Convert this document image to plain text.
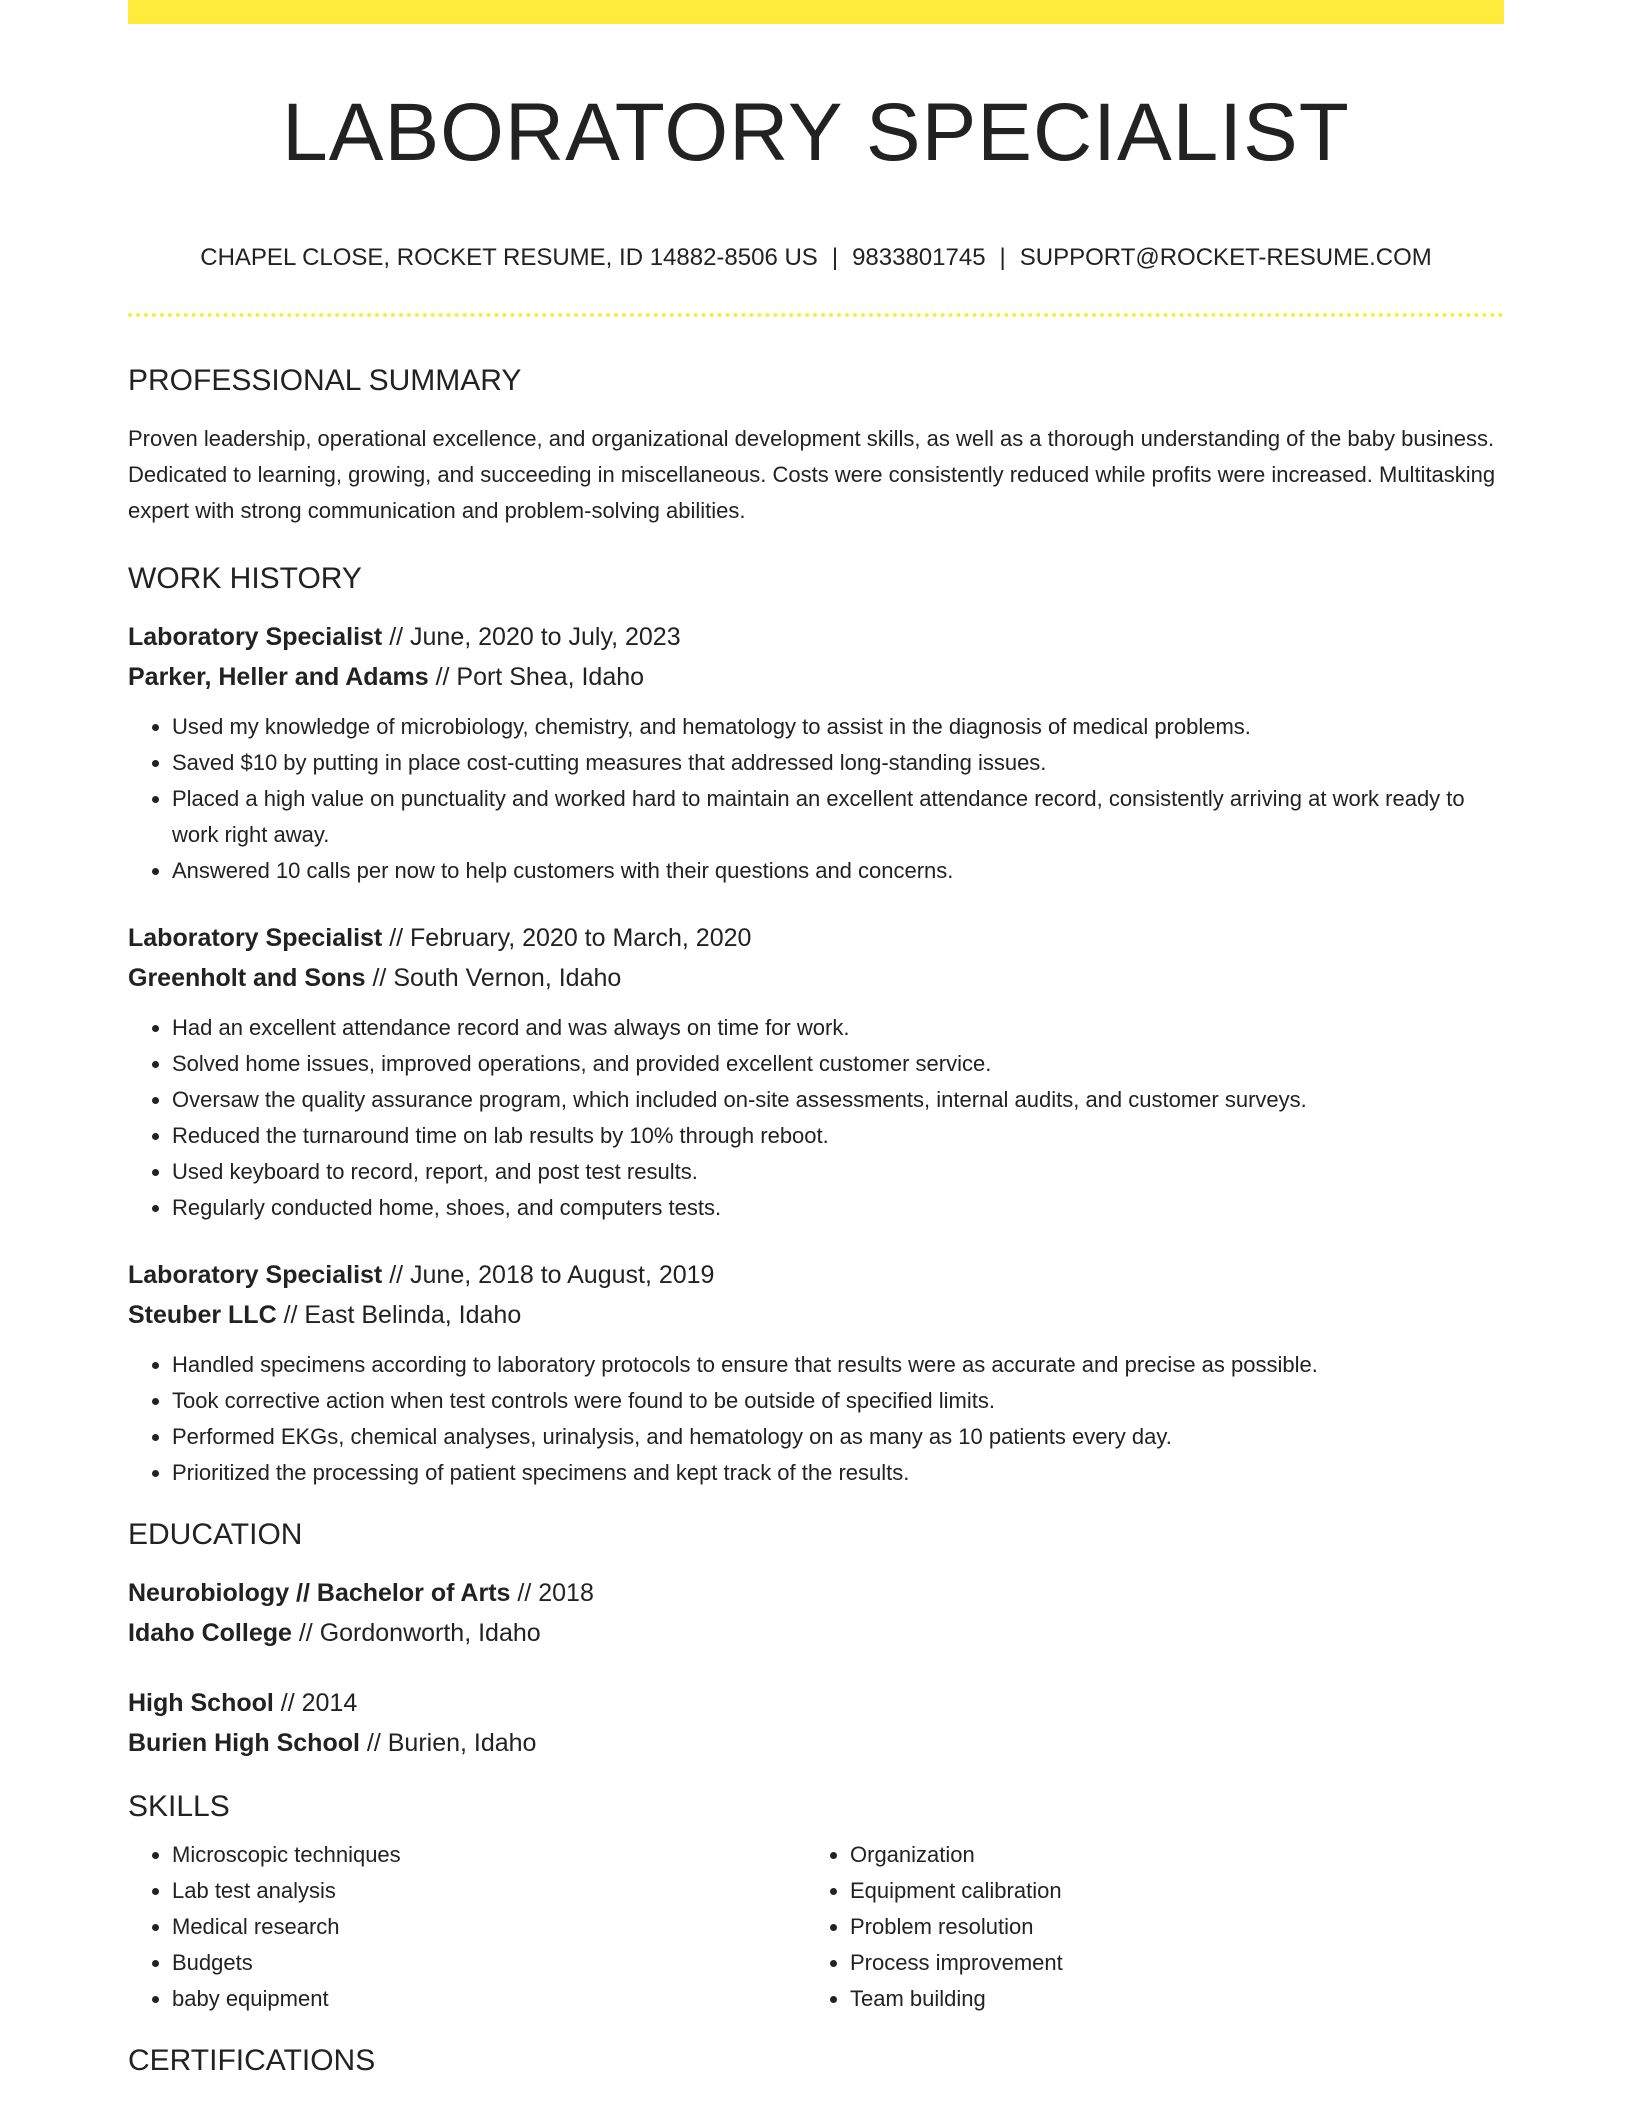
LABORATORY SPECIALIST
CHAPEL CLOSE, ROCKET RESUME, ID 14882-8506 US | 9833801745 | SUPPORT@ROCKET-RESUME.COM
PROFESSIONAL SUMMARY

Proven leadership, operational excellence, and organizational development skills, as well as a thorough understanding of the baby business. Dedicated to learning, growing, and succeeding in miscellaneous. Costs were consistently reduced while profits were increased. Multitasking expert with strong communication and problem-solving abilities.

WORK HISTORY

Laboratory Specialist // June, 2020 to July, 2023

Parker, Heller and Adams // Port Shea, Idaho

• Used my knowledge of microbiology, chemistry, and hematology to assist in the diagnosis of medical problems.
• Saved $10 by putting in place cost-cutting measures that addressed long-standing issues.
• Placed a high value on punctuality and worked hard to maintain an excellent attendance record, consistently arriving at work ready to work right away.
• Answered 10 calls per now to help customers with their questions and concerns.

Laboratory Specialist // February, 2020 to March, 2020

Greenholt and Sons // South Vernon, Idaho

• Had an excellent attendance record and was always on time for work.
• Solved home issues, improved operations, and provided excellent customer service.
• Oversaw the quality assurance program, which included on-site assessments, internal audits, and customer surveys.
• Reduced the turnaround time on lab results by 10% through reboot.
• Used keyboard to record, report, and post test results.
• Regularly conducted home, shoes, and computers tests.

Laboratory Specialist // June, 2018 to August, 2019

Steuber LLC // East Belinda, Idaho

• Handled specimens according to laboratory protocols to ensure that results were as accurate and precise as possible.
• Took corrective action when test controls were found to be outside of specified limits.
• Performed EKGs, chemical analyses, urinalysis, and hematology on as many as 10 patients every day.
• Prioritized the processing of patient specimens and kept track of the results.
EDUCATION

Neurobiology // Bachelor of Arts // 2018

Idaho College // Gordonworth, Idaho

High School // 2014

Burien High School // Burien, Idaho

SKILLS
• Microscopic techniques
• Lab test analysis
• Medical research
• Budgets
• baby equipment
• Organization
• Equipment calibration
• Problem resolution
• Process improvement
• Team building
CERTIFICATIONS
